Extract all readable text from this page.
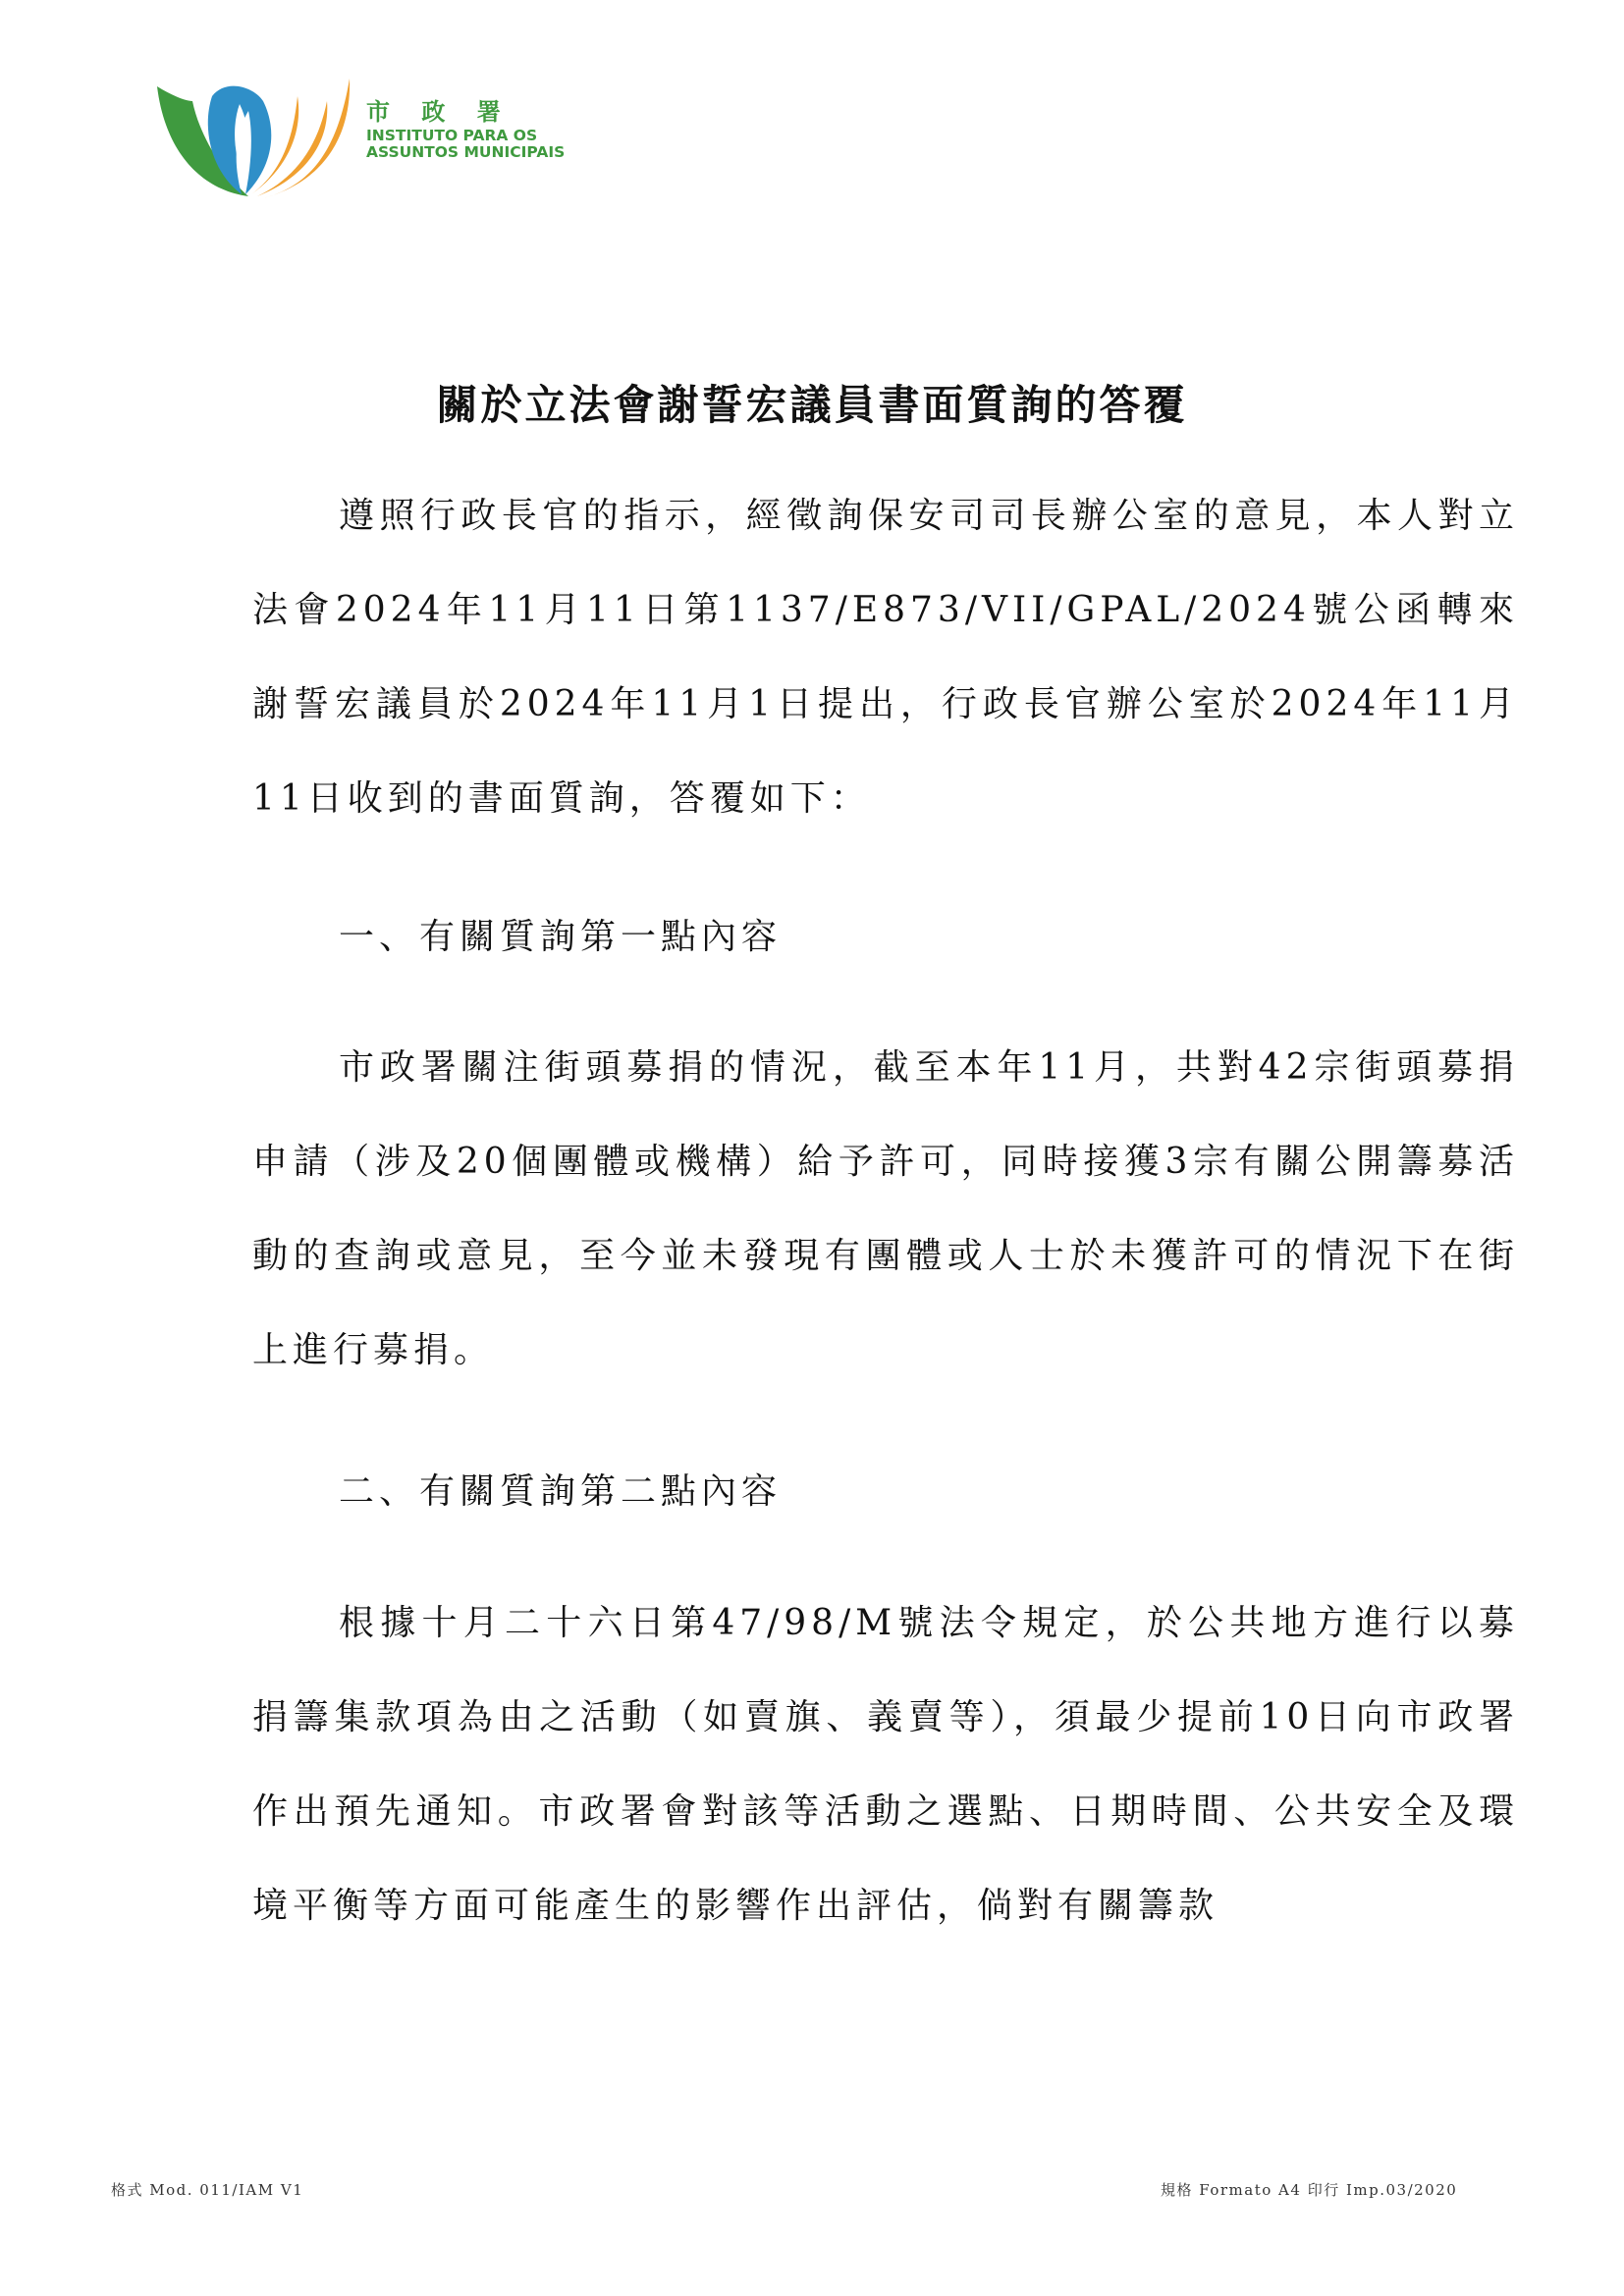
市 政 署
INSTITUTO PARA OS
ASSUNTOS MUNICIPAIS
關於立法會謝誓宏議員書面質詢的答覆

遵照行政長官的指示，經徵詢保安司司長辦公室的意見，本人對立法會2024年11月11日第1137/E873/VII/GPAL/2024號公函轉來謝誓宏議員於2024年11月1日提出，行政長官辦公室於2024年11月11日收到的書面質詢，答覆如下：

一、有關質詢第一點內容

市政署關注街頭募捐的情況，截至本年11月，共對42宗街頭募捐申請（涉及20個團體或機構）給予許可，同時接獲3宗有關公開籌募活動的查詢或意見，至今並未發現有團體或人士於未獲許可的情況下在街上進行募捐。

二、有關質詢第二點內容

根據十月二十六日第47/98/M號法令規定，於公共地方進行以募捐籌集款項為由之活動（如賣旗、義賣等），須最少提前10日向市政署作出預先通知。市政署會對該等活動之選點、日期時間、公共安全及環境平衡等方面可能產生的影響作出評估，倘對有關籌款

格式 Mod. 011/IAM V1	規格 Formato A4 印行 Imp.03/2020
